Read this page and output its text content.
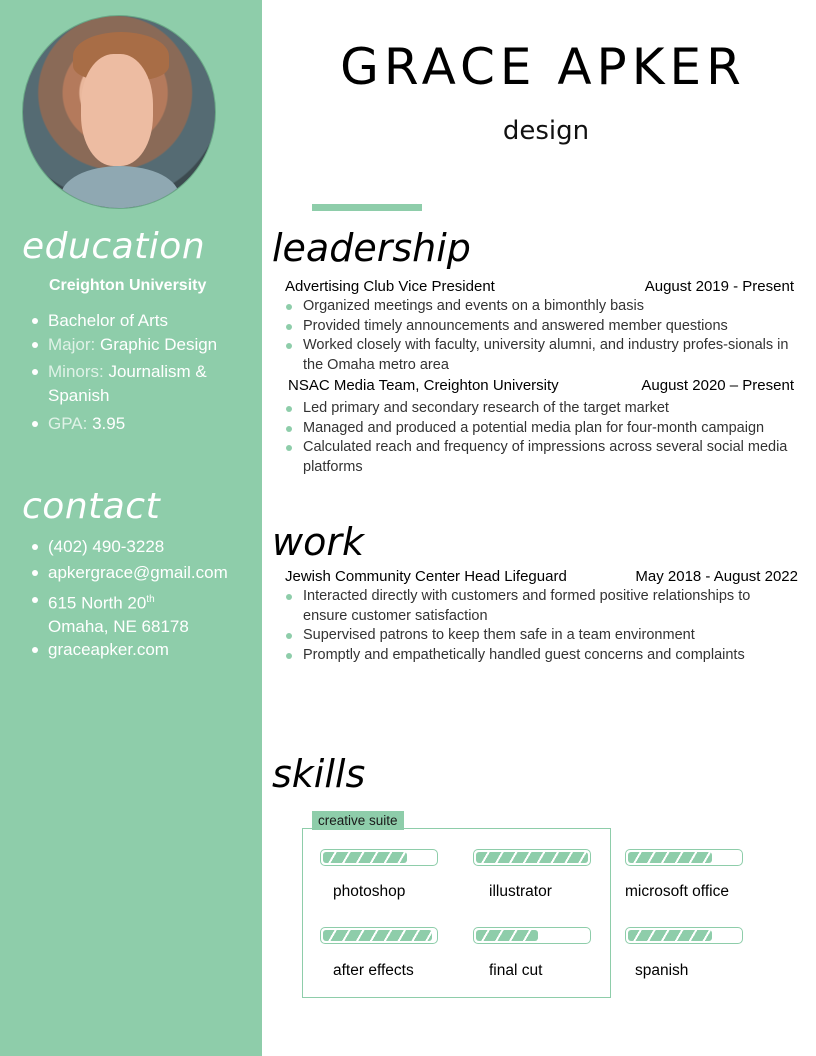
education
Creighton University
Bachelor of Arts
Major: Graphic Design
Minors: Journalism & Spanish
GPA: 3.95
contact
(402) 490-3228
apkergrace@gmail.com
615 North 20th
Omaha, NE 68178
graceapker.com
GRACE APKER
design
leadership
Advertising Club Vice President	August 2019 - Present
Organized meetings and events on a bimonthly basis
Provided timely announcements and answered member questions
Worked closely with faculty, university alumni, and industry profes-sionals in the Omaha metro area
NSAC Media Team, Creighton University	August 2020 – Present
Led primary and secondary research of the target market
Managed and produced a potential media plan for four-month campaign
Calculated reach and frequency of impressions across several social media platforms
work
Jewish Community Center Head Lifeguard	May 2018 - August 2022
Interacted directly with customers and formed positive relationships to ensure customer satisfaction
Supervised patrons to keep them safe in a team environment
Promptly and empathetically handled guest concerns and complaints
skills
creative suite
photoshop	illustrator	microsoft office
after effects	final cut	spanish
